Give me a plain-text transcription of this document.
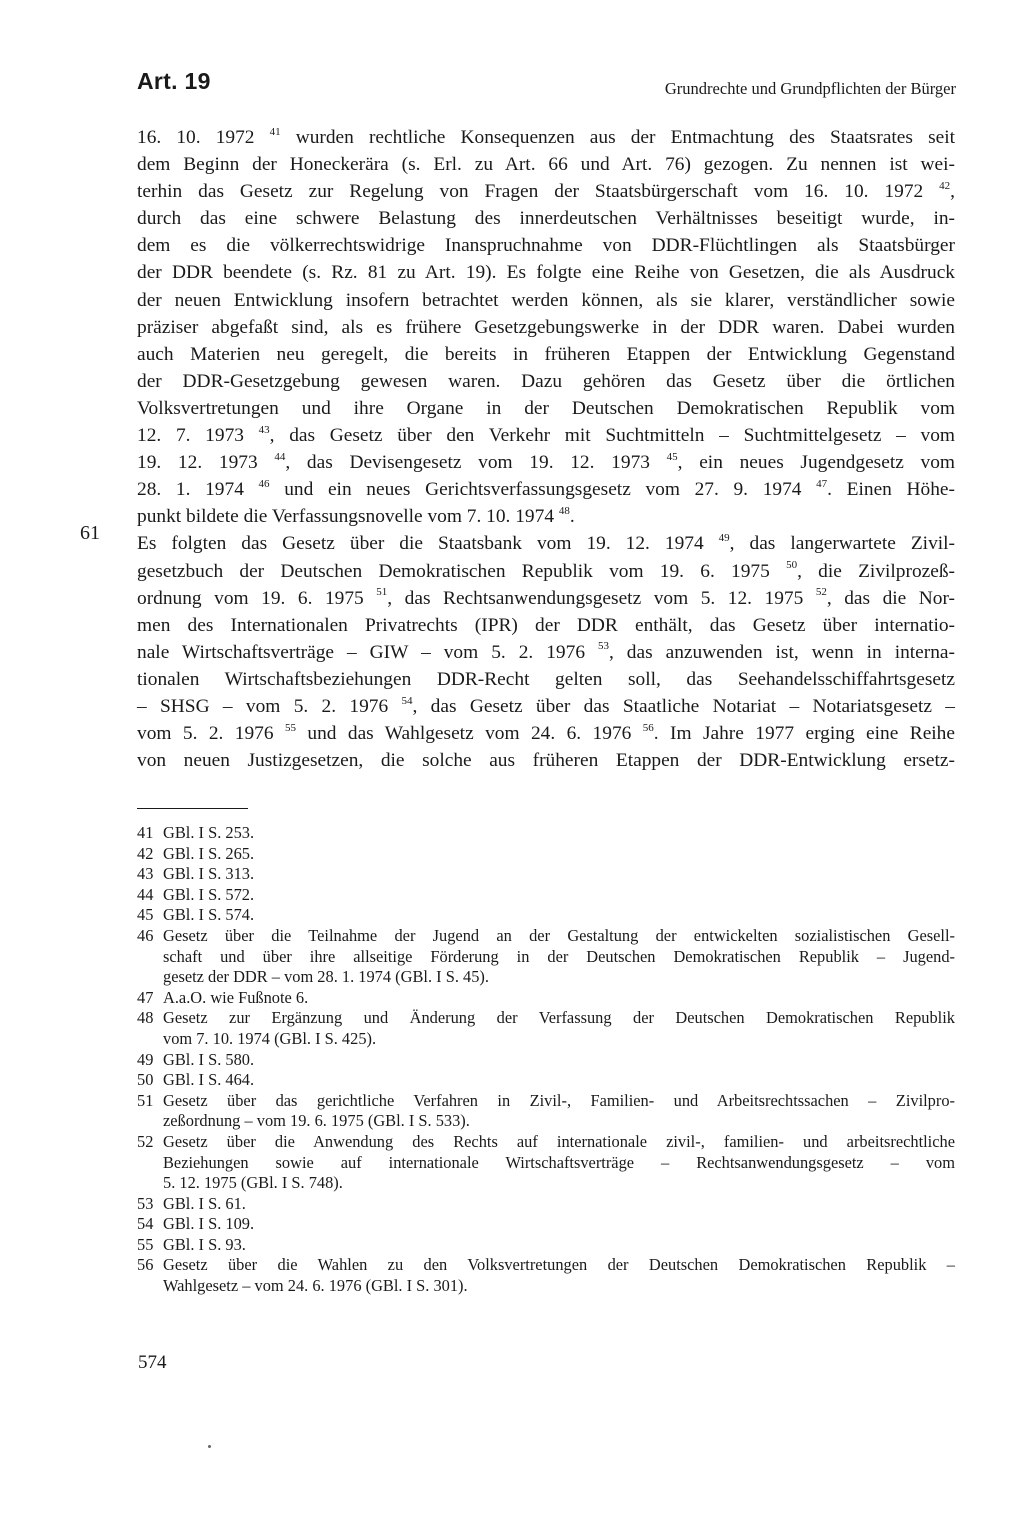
Art. 19	Grundrechte und Grundpflichten der Bürger
61
16. 10. 1972 $^{41}$ wurden rechtliche Konsequenzen aus der Entmachtung des Staatsrates seit
dem Beginn der Honeckerära (s. Erl. zu Art. 66 und Art. 76) gezogen. Zu nennen ist wei-
terhin das Gesetz zur Regelung von Fragen der Staatsbürgerschaft vom 16. 10. 1972 $^{42}$,
durch das eine schwere Belastung des innerdeutschen Verhältnisses beseitigt wurde, in-
dem es die völkerrechtswidrige Inanspruchnahme von DDR-Flüchtlingen als Staatsbürger
der DDR beendete (s. Rz. 81 zu Art. 19). Es folgte eine Reihe von Gesetzen, die als Ausdruck
der neuen Entwicklung insofern betrachtet werden können, als sie klarer, verständlicher sowie
präziser abgefaßt sind, als es frühere Gesetzgebungswerke in der DDR waren. Dabei wurden
auch Materien neu geregelt, die bereits in früheren Etappen der Entwicklung Gegenstand
der DDR-Gesetzgebung gewesen waren. Dazu gehören das Gesetz über die örtlichen
Volksvertretungen und ihre Organe in der Deutschen Demokratischen Republik vom
12. 7. 1973 $^{43}$, das Gesetz über den Verkehr mit Suchtmitteln – Suchtmittelgesetz – vom
19. 12. 1973 $^{44}$, das Devisengesetz vom 19. 12. 1973 $^{45}$, ein neues Jugendgesetz vom
28. 1. 1974 $^{46}$ und ein neues Gerichtsverfassungsgesetz vom 27. 9. 1974 $^{47}$. Einen Höhe-
punkt bildete die Verfassungsnovelle vom 7. 10. 1974 $^{48}$.
Es folgten das Gesetz über die Staatsbank vom 19. 12. 1974 $^{49}$, das langerwartete Zivil-
gesetzbuch der Deutschen Demokratischen Republik vom 19. 6. 1975 $^{50}$, die Zivilprozeß-
ordnung vom 19. 6. 1975 $^{51}$, das Rechtsanwendungsgesetz vom 5. 12. 1975 $^{52}$, das die Nor-
men des Internationalen Privatrechts (IPR) der DDR enthält, das Gesetz über internatio-
nale Wirtschaftsverträge – GIW – vom 5. 2. 1976 $^{53}$, das anzuwenden ist, wenn in interna-
tionalen Wirtschaftsbeziehungen DDR-Recht gelten soll, das Seehandelsschiffahrtsgesetz
– SHSG – vom 5. 2. 1976 $^{54}$, das Gesetz über das Staatliche Notariat – Notariatsgesetz –
vom 5. 2. 1976 $^{55}$ und das Wahlgesetz vom 24. 6. 1976 $^{56}$. Im Jahre 1977 erging eine Reihe
von neuen Justizgesetzen, die solche aus früheren Etappen der DDR-Entwicklung ersetz-
41 GBl. I S. 253.
42 GBl. I S. 265.
43 GBl. I S. 313.
44 GBl. I S. 572.
45 GBl. I S. 574.
46 Gesetz über die Teilnahme der Jugend an der Gestaltung der entwickelten sozialistischen Gesell-
schaft und über ihre allseitige Förderung in der Deutschen Demokratischen Republik – Jugend-
gesetz der DDR – vom 28. 1. 1974 (GBl. I S. 45).
47 A.a.O. wie Fußnote 6.
48 Gesetz zur Ergänzung und Änderung der Verfassung der Deutschen Demokratischen Republik
vom 7. 10. 1974 (GBl. I S. 425).
49 GBl. I S. 580.
50 GBl. I S. 464.
51 Gesetz über das gerichtliche Verfahren in Zivil-, Familien- und Arbeitsrechtssachen – Zivilpro-
zeßordnung – vom 19. 6. 1975 (GBl. I S. 533).
52 Gesetz über die Anwendung des Rechts auf internationale zivil-, familien- und arbeitsrechtliche
Beziehungen sowie auf internationale Wirtschaftsverträge – Rechtsanwendungsgesetz – vom
5. 12. 1975 (GBl. I S. 748).
53 GBl. I S. 61.
54 GBl. I S. 109.
55 GBl. I S. 93.
56 Gesetz über die Wahlen zu den Volksvertretungen der Deutschen Demokratischen Republik –
Wahlgesetz – vom 24. 6. 1976 (GBl. I S. 301).
574
